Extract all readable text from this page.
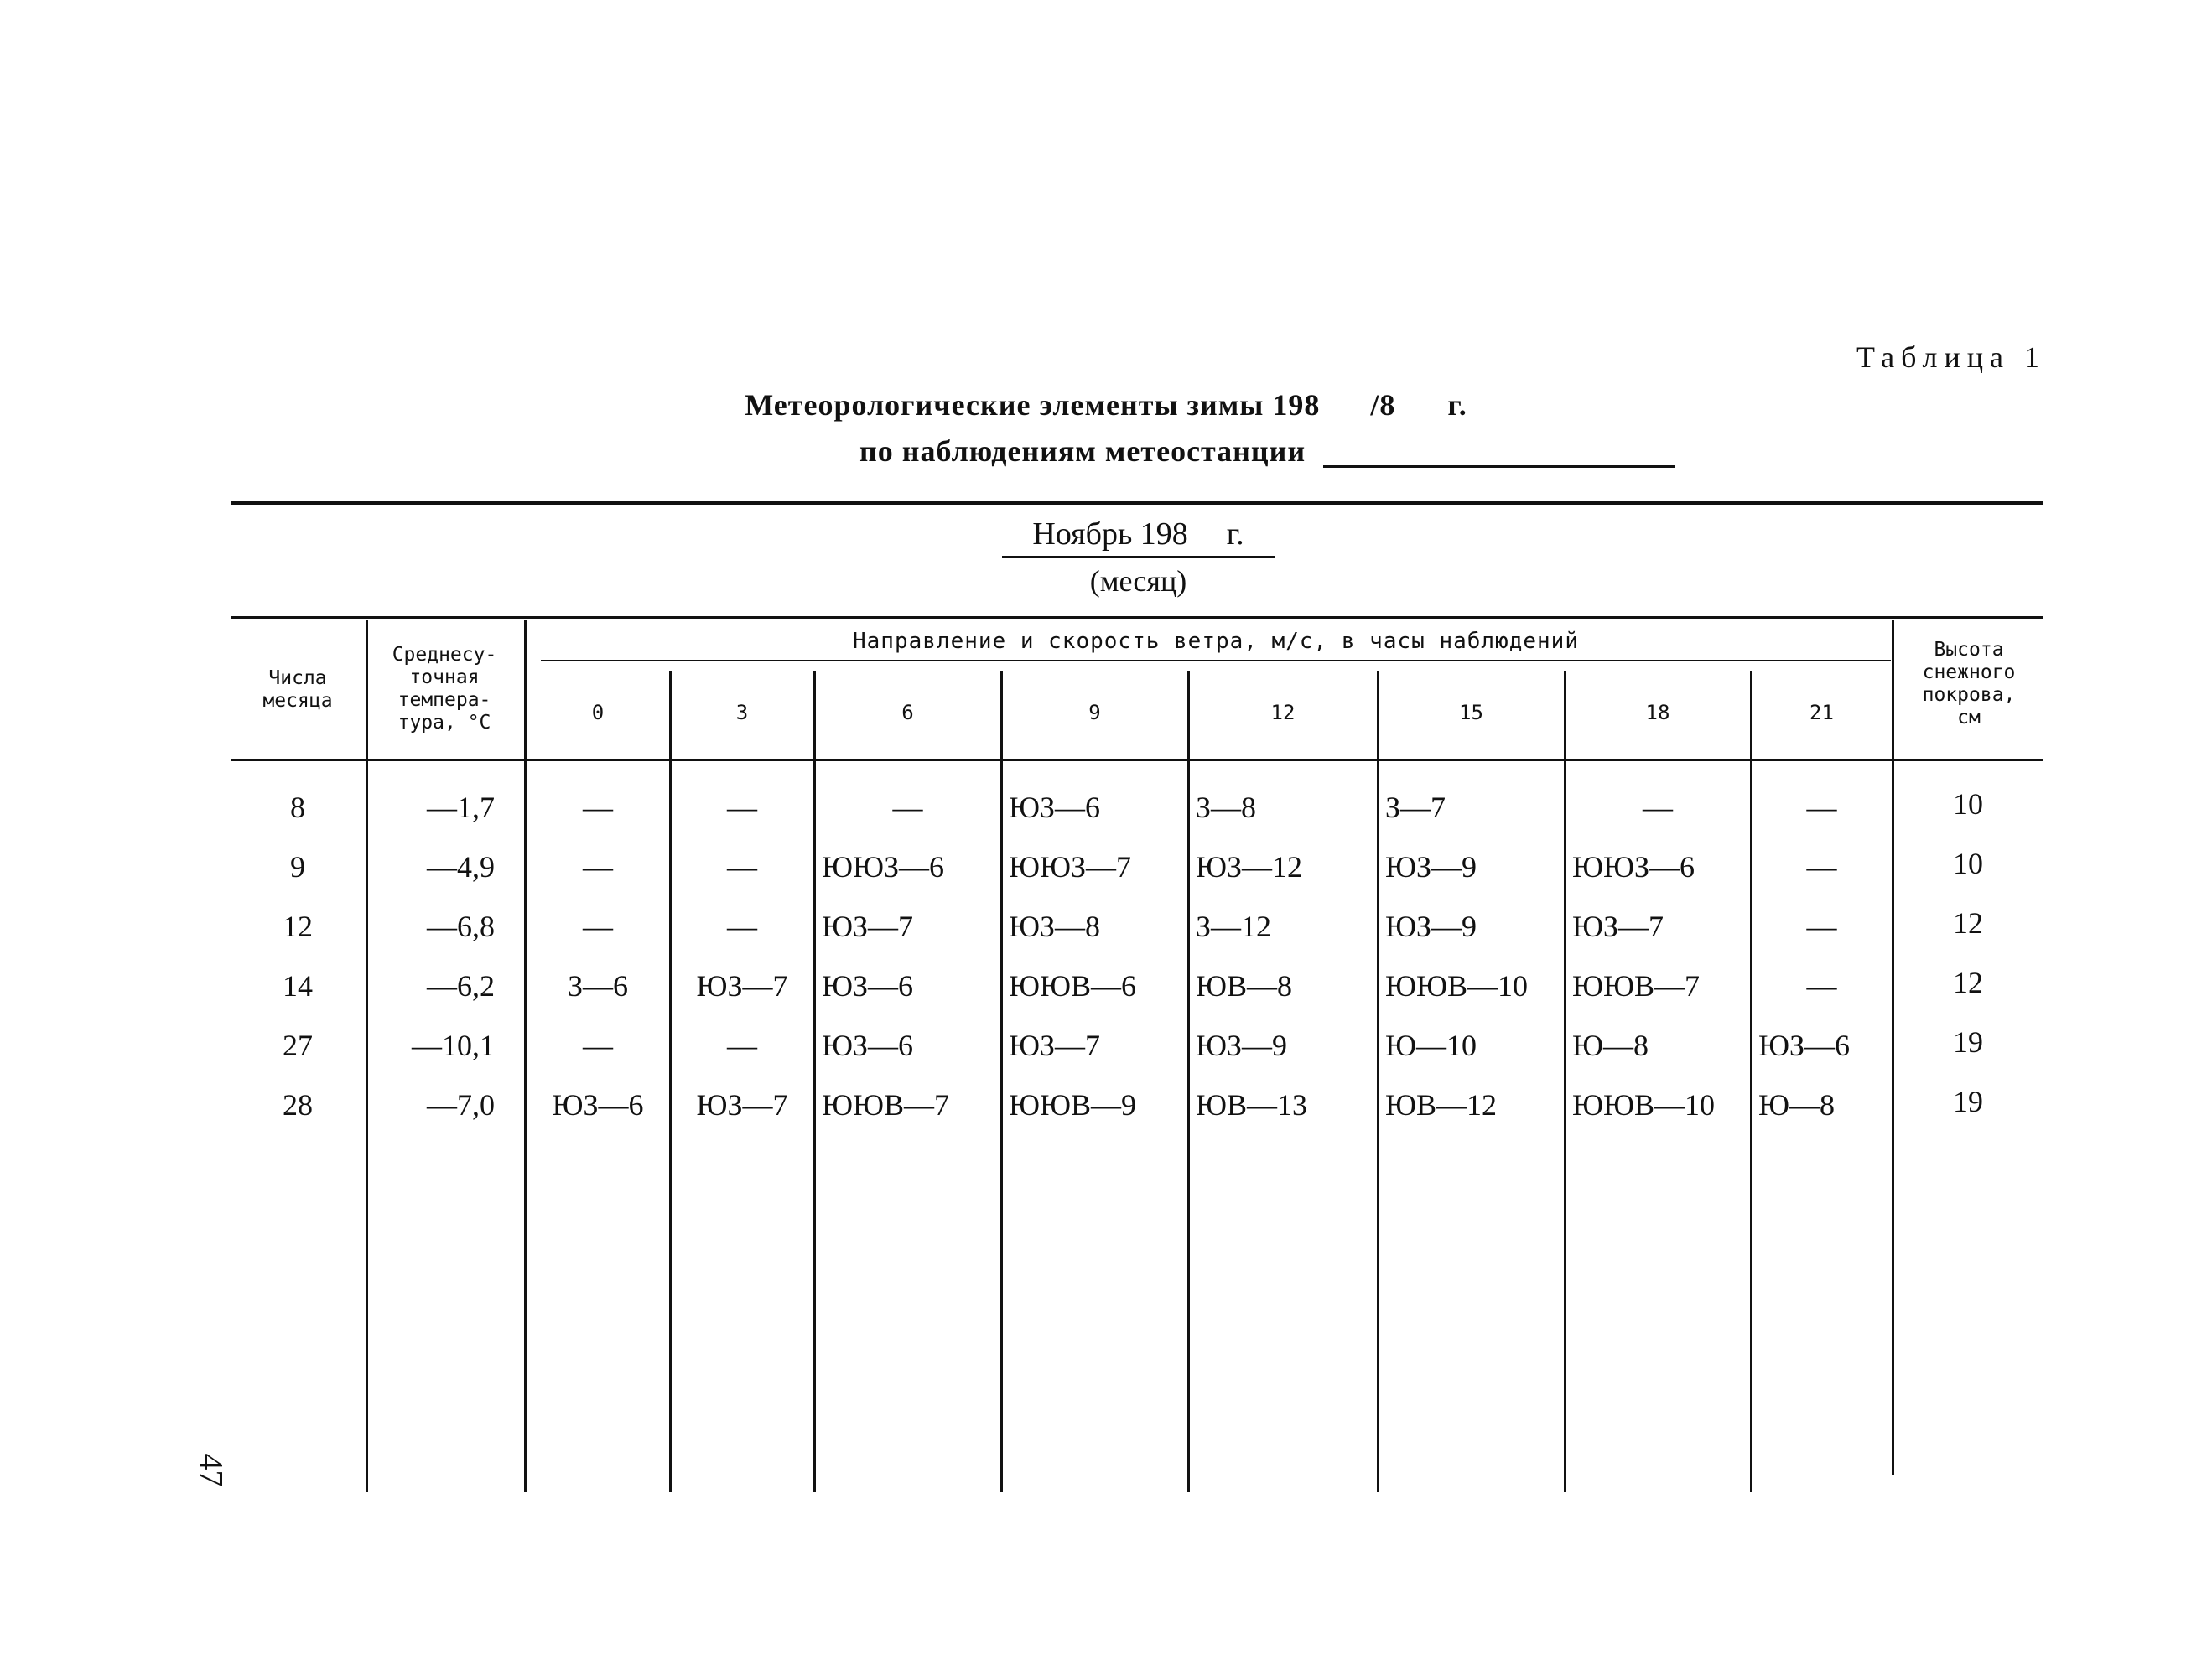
Таблица 1
Метеорологические элементы зимы 198 /8 г.
по наблюдениям метеостанции
Ноябрь 198 г.
(месяц)
Числа
месяца
Среднесу-
точная
темпера-
тура, °С
Направление и скорость ветра, м/с, в часы наблюдений
0	3	6	9	12	15	18	21
Высота
снежного
покрова,
см
8	—1,7	—	—	—	ЮЗ—6	З—8	З—7	—	—	10
9	—4,9	—	—	ЮЮЗ—6	ЮЮЗ—7	ЮЗ—12	ЮЗ—9	ЮЮЗ—6	—	10
12	—6,8	—	—	ЮЗ—7	ЮЗ—8	З—12	ЮЗ—9	ЮЗ—7	—	12
14	—6,2	З—6	ЮЗ—7	ЮЗ—6	ЮЮВ—6	ЮВ—8	ЮЮВ—10	ЮЮВ—7	—	12
27	—10,1	—	—	ЮЗ—6	ЮЗ—7	ЮЗ—9	Ю—10	Ю—8	ЮЗ—6	19
28	—7,0	ЮЗ—6	ЮЗ—7	ЮЮВ—7	ЮЮВ—9	ЮВ—13	ЮВ—12	ЮЮВ—10	Ю—8	19
47
